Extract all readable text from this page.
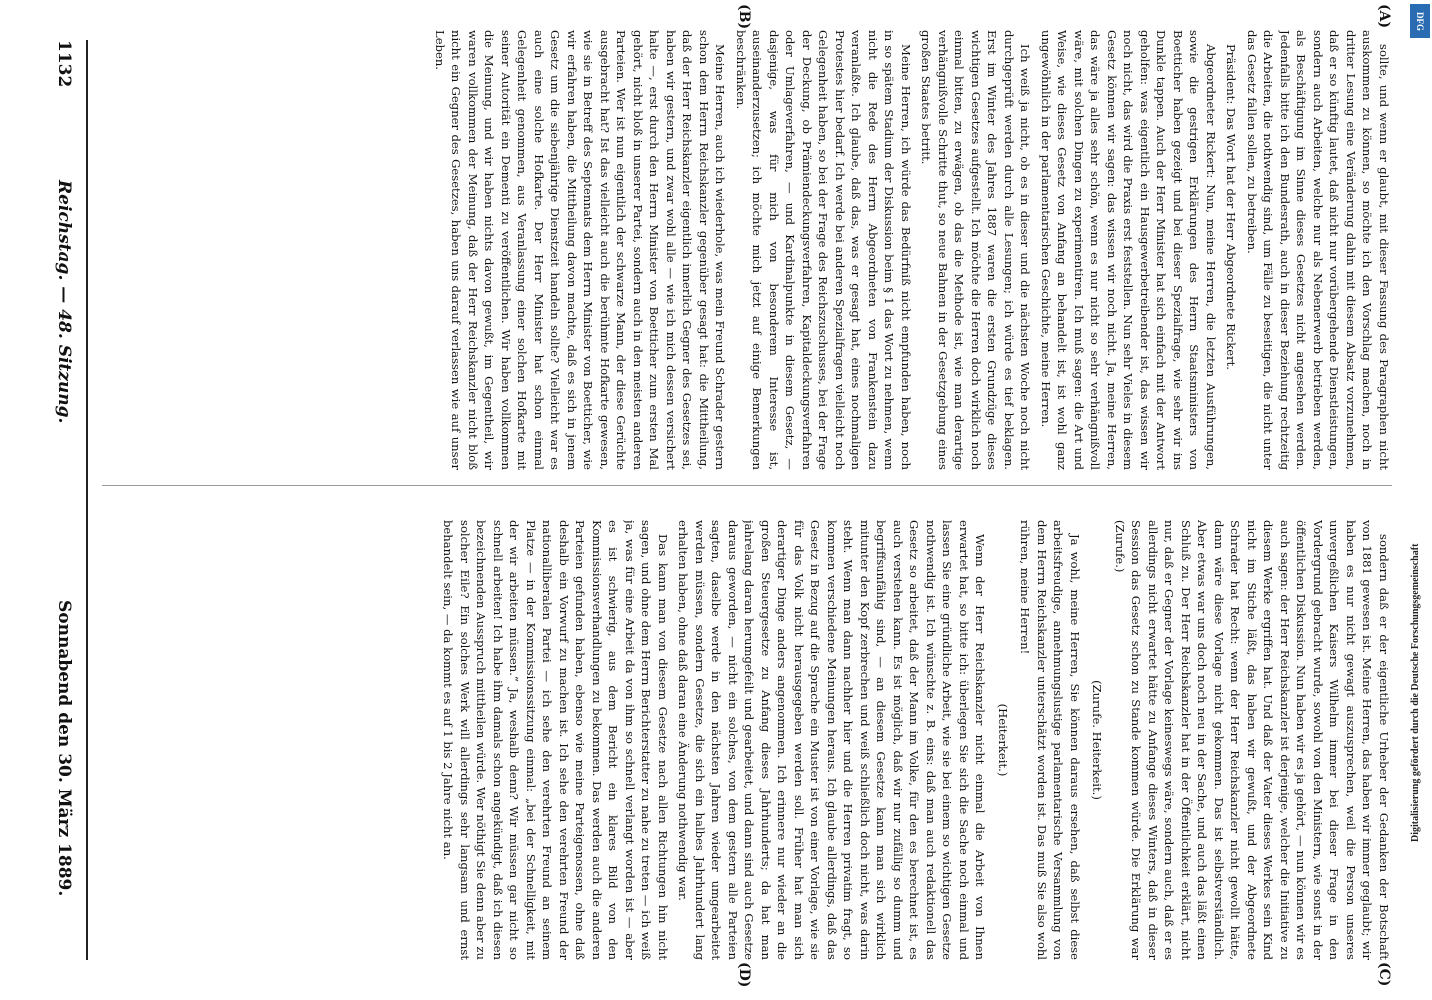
1132
Reichstag. — 48. Sitzung.
Sonnabend den 30. März 1889.

sollte, und wenn er glaubt, mit dieser Fassung des Paragraphen nicht auskommen zu können, so möchte ich den Vorschlag machen, noch in dritter Lesung eine Veränderung dahin mit diesem Absatz vorzunehmen, daß er so künftig lautet, daß nicht nur vorübergehende Dienstleistungen, sondern auch Arbeiten, welche nur als Nebenerwerb betrieben werden, als Beschäftigung im Sinne dieses Gesetzes nicht angesehen werden. Jedenfalls bitte ich den Bundesrath, auch in dieser Beziehung rechtzeitig die Arbeiten, die nothwendig sind, um Fälle zu beseitigen, die nicht unter das Gesetz fallen sollen, zu betreiben.

Präsident: Das Wort hat der Herr Abgeordnete Rickert.

Abgeordneter Rickert: Nun, meine Herren, die letzten Ausführungen, sowie die gestrigen Erklärungen des Herrn Staatsministers von Boetticher haben gezeigt und bei dieser Spezialfrage, wie sehr wir ins Dunkle tappen. Auch der Herr Minister hat sich einfach mit der Antwort geholfen: was eigentlich ein Hausgewerbetreibender ist, das wissen wir noch nicht, das wird die Praxis erst feststellen. Nun sehr Vieles in diesem Gesetz können wir sagen: das wissen wir noch nicht. Ja, meine Herren, das wäre ja alles sehr schön, wenn es nur nicht so sehr verhängnißvoll wäre, mit solchen Dingen zu experimentiren. Ich muß sagen: die Art und Weise, wie dieses Gesetz von Anfang an behandelt ist, ist wohl ganz ungewöhnlich in der parlamentarischen Geschichte, meine Herren.

Ich weiß ja nicht, ob es in dieser und die nächsten Woche noch nicht durchgeprüft werden durch alle Lesungen; ich würde es tief beklagen. Erst im Winter des Jahres 1887 waren die ersten Grundzüge dieses wichtigen Gesetzes aufgestellt. Ich möchte die Herren doch wirklich noch einmal bitten, zu erwägen, ob das die Methode ist, wie man derartige verhängnißvolle Schritte thut, so neue Bahnen in der Gesetzgebung eines großen Staates betritt.

Meine Herren, ich würde das Bedürfniß nicht empfunden haben, noch in so spätem Stadium der Diskussion beim § 1 das Wort zu nehmen, wenn nicht die Rede des Herrn Abgeordneten von Frankenstein dazu veranlaßte. Ich glaube, daß das, was er gesagt hat, eines nochmaligen Protestes hier bedarf. Ich werde bei anderen Spezialfragen vielleicht noch Gelegenheit haben, so bei der Frage des Reichszuschusses, bei der Frage der Deckung, ob Prämiendeckungsverfahren, Kapitaldeckungsverfahren oder Umlageverfahren, — und Kardinalpunkte in diesem Gesetz, — dasjenige, was für mich von besonderem Interesse ist, auseinanderzusetzen; ich möchte mich jetzt auf einige Bemerkungen beschränken.

Meine Herren, auch ich wiederhole, was mein Freund Schrader gestern schon dem Herrn Reichskanzler gegenüber gesagt hat: die Mittheilung, daß der Herr Reichskanzler eigentlich innerlich Gegner des Gesetzes sei, haben wir gestern, und zwar wohl alle — wie ich mich dessen versichert halte —, erst durch den Herrn Minister von Boetticher zum ersten Mal gehört, nicht bloß in unserer Partei, sondern auch in den meisten anderen Parteien. Wer ist nun eigentlich der schwarze Mann, der diese Gerüchte ausgebracht hat? Ist das vielleicht auch die berühmte Hofkarte gewesen, wie sie in Betreff des Septennats dem Herrn Minister von Boetticher, wie wir erfahren haben, die Mittheilung davon machte, daß es sich in jenem Gesetz um die siebenjährige Dienstzeit handeln sollte? Vielleicht war es auch eine solche Hofkarte. Der Herr Minister hat schon einmal Gelegenheit genommen, aus Veranlassung einer solchen Hofkarte mit seiner Autorität ein Dementi zu veröffentlichen. Wir haben vollkommen die Meinung, und wir haben nichts davon gewußt, im Gegentheil, wir waren vollkommen der Meinung, daß der Herr Reichskanzler nicht bloß nicht ein Gegner des Gesetzes, haben uns darauf verlassen wie auf unser Leben.

sondern daß er der eigentliche Urheber der Gedanken der Botschaft von 1881 gewesen ist. Meine Herren, das haben wir immer geglaubt; wir haben es nur nicht gewagt auszusprechen, weil die Person unseres unvergeßlichen Kaisers Wilhelm immer bei dieser Frage in den Vordergrund gebracht wurde, sowohl von den Ministern, wie sonst in der öffentlichen Diskussion. Nun haben wir es ja gehört, — nun können wir es auch sagen: der Herr Reichskanzler ist derjenige, welcher die Initiative zu diesem Werke ergriffen hat. Und daß der Vater dieses Werkes sein Kind nicht im Stiche läßt, das haben wir gewußt, und der Abgeordnete Schrader hat Recht: wenn der Herr Reichskanzler nicht gewollt hätte, dann wäre diese Vorlage nicht gekommen. Das ist selbstverständlich. Aber etwas war uns doch noch neu in der Sache, und auch das läßt einen Schluß zu. Der Herr Reichskanzler hat in der Öffentlichkeit erklärt, nicht nur, daß er Gegner der Vorlage keineswegs wäre, sondern auch, daß er es allerdings nicht erwartet hätte zu Anfange dieses Winters, daß in dieser Session das Gesetz schon zu Stande kommen würde. Die Erklärung war (Zurufe.)

(Zurufe. Heiterkeit.)

Ja wohl, meine Herren, Sie können daraus ersehen, daß selbst diese arbeitsfreudige, annehmungslustige parlamentarische Versammlung von dem Herrn Reichskanzler unterschätzt worden ist. Das muß Sie also wohl rühren, meine Herren!

(Heiterkeit.)

Wenn der Herr Reichskanzler nicht einmal die Arbeit von Ihnen erwartet hat, so bitte ich: überlegen Sie sich die Sache noch einmal und lassen Sie eine gründliche Arbeit, wie sie bei einem so wichtigen Gesetze nothwendig ist. Ich wünschte z. B. eins: daß man auch redaktionell das Gesetz so arbeitet, daß der Mann im Volke, für den es berechnet ist, es auch verstehen kann. Es ist möglich, daß wir nur zufällig so dumm und begriffsunfähig sind, — an diesem Gesetze kann man sich wirklich mitunter den Kopf zerbrechen und weiß schließlich doch nicht, was darin steht. Wenn man dann nachher hier und die Herren privatim fragt, so kommen verschiedene Meinungen heraus. Ich glaube allerdings, daß das Gesetz in Bezug auf die Sprache ein Muster ist von einer Vorlage, wie sie für das Volk nicht herausgegeben werden soll. Früher hat man sich derartiger Dinge anders angenommen. Ich erinnere nur wieder an die großen Steuergesetze zu Anfang dieses Jahrhunderts; da hat man jahrelang daran herumgefeilt und gearbeitet, und dann sind auch Gesetze daraus geworden, — nicht ein solches, von dem gestern alle Parteien sagten, daselbe werde in den nächsten Jahren wieder umgearbeitet werden müssen, sondern Gesetze, die sich ein halbes Jahrhundert lang erhalten haben, ohne daß daran eine Änderung nothwendig war.

Das kann man von diesem Gesetze nach allen Richtungen hin nicht sagen, und ohne dem Herrn Berichterstatter zu nahe zu treten — ich weiß ja, was für eine Arbeit da von ihm so schnell verlangt worden ist — aber es ist schwierig, aus dem Bericht ein klares Bild von den Kommissionsverhandlungen zu bekommen. Das werden auch die anderen Parteien gefunden haben, ebenso wie meine Parteigenossen, ohne daß deshalb ein Vorwurf zu machen ist. Ich sehe den verehrten Freund der nationalliberalen Partei — ich sehe den verehrten Freund an seinem Platze — in der Kommissionssitzung einmal: „bei der Schnelligkeit, mit der wir arbeiten müssen.“ Ja, weshalb denn? Wir müssen gar nicht so schnell arbeiten! Ich habe ihm damals schon angekündigt, daß ich diesen bezeichnenden Ausspruch mittheilen würde. Wer nöthigt Sie denn aber zu solcher Eile? Ein solches Werk will allerdings sehr langsam und ernst behandelt sein, — da kommt es auf 1 bis 2 Jahre nicht an.

(A)
(B)
(C)
(D)
DFG
Digitalisierung gefördert durch die Deutsche Forschungsgemeinschaft
